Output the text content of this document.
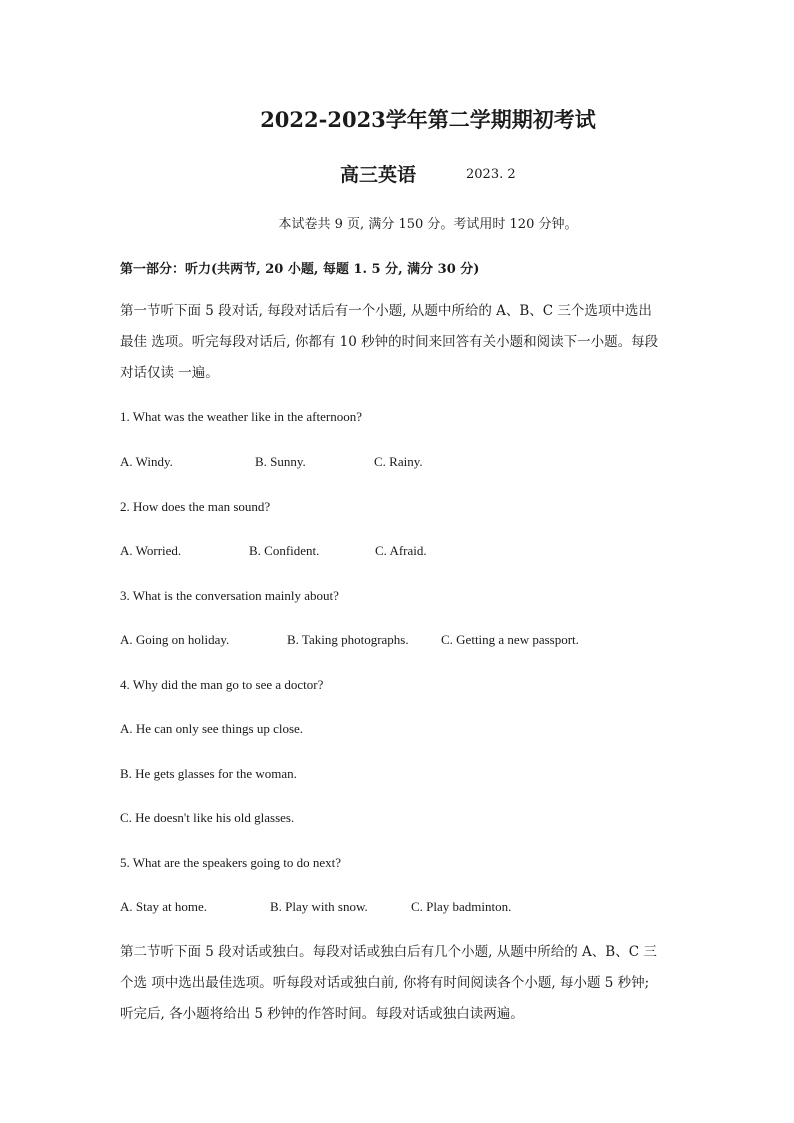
2022-2023学年第二学期期初考试
高三英语	2023. 2
本试卷共 9 页, 满分 150 分。考试用时 120 分钟。
第一部分：听力(共两节, 20 小题, 每题 1. 5 分, 满分 30 分)
第一节听下面 5 段对话, 每段对话后有一个小题, 从题中所给的 A、B、C 三个选项中选出
最佳 选项。听完每段对话后, 你都有 10 秒钟的时间来回答有关小题和阅读下一小题。每段
对话仅读 一遍。
1. What was the weather like in the afternoon?
A. Windy.	B. Sunny.	C. Rainy.
2. How does the man sound?
A. Worried.	B. Confident.	C. Afraid.
3. What is the conversation mainly about?
A. Going on holiday.	B. Taking photographs. C. Getting a new passport.
4. Why did the man go to see a doctor?
A. He can only see things up close.
B. He gets glasses for the woman.
C. He doesn't like his old glasses.
5. What are the speakers going to do next?
A. Stay at home.	B. Play with snow.	C. Play badminton.
第二节听下面 5 段对话或独白。每段对话或独白后有几个小题, 从题中所给的 A、B、C 三
个选 项中选出最佳选项。听每段对话或独白前, 你将有时间阅读各个小题, 每小题 5 秒钟;
听完后, 各小题将给出 5 秒钟的作答时间。每段对话或独白读两遍。
